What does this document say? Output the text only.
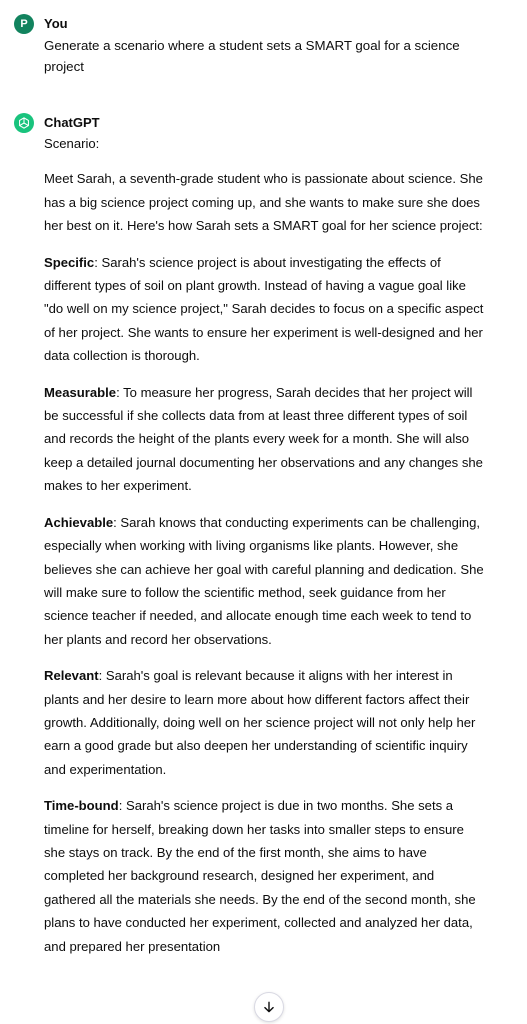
P You
Generate a scenario where a student sets a SMART goal for a science project
ChatGPT

Scenario:

Meet Sarah, a seventh-grade student who is passionate about science. She has a big science project coming up, and she wants to make sure she does her best on it. Here's how Sarah sets a SMART goal for her science project:

Specific: Sarah's science project is about investigating the effects of different types of soil on plant growth. Instead of having a vague goal like "do well on my science project," Sarah decides to focus on a specific aspect of her project. She wants to ensure her experiment is well-designed and her data collection is thorough.

Measurable: To measure her progress, Sarah decides that her project will be successful if she collects data from at least three different types of soil and records the height of the plants every week for a month. She will also keep a detailed journal documenting her observations and any changes she makes to her experiment.

Achievable: Sarah knows that conducting experiments can be challenging, especially when working with living organisms like plants. However, she believes she can achieve her goal with careful planning and dedication. She will make sure to follow the scientific method, seek guidance from her science teacher if needed, and allocate enough time each week to tend to her plants and record her observations.

Relevant: Sarah's goal is relevant because it aligns with her interest in plants and her desire to learn more about how different factors affect their growth. Additionally, doing well on her science project will not only help her earn a good grade but also deepen her understanding of scientific inquiry and experimentation.

Time-bound: Sarah's science project is due in two months. She sets a timeline for herself, breaking down her tasks into smaller steps to ensure she stays on track. By the end of the first month, she aims to have completed her background research, designed her experiment, and gathered all the materials she needs. By the end of the second month, she plans to have conducted her experiment, collected and analyzed her data, and prepared her presentation
